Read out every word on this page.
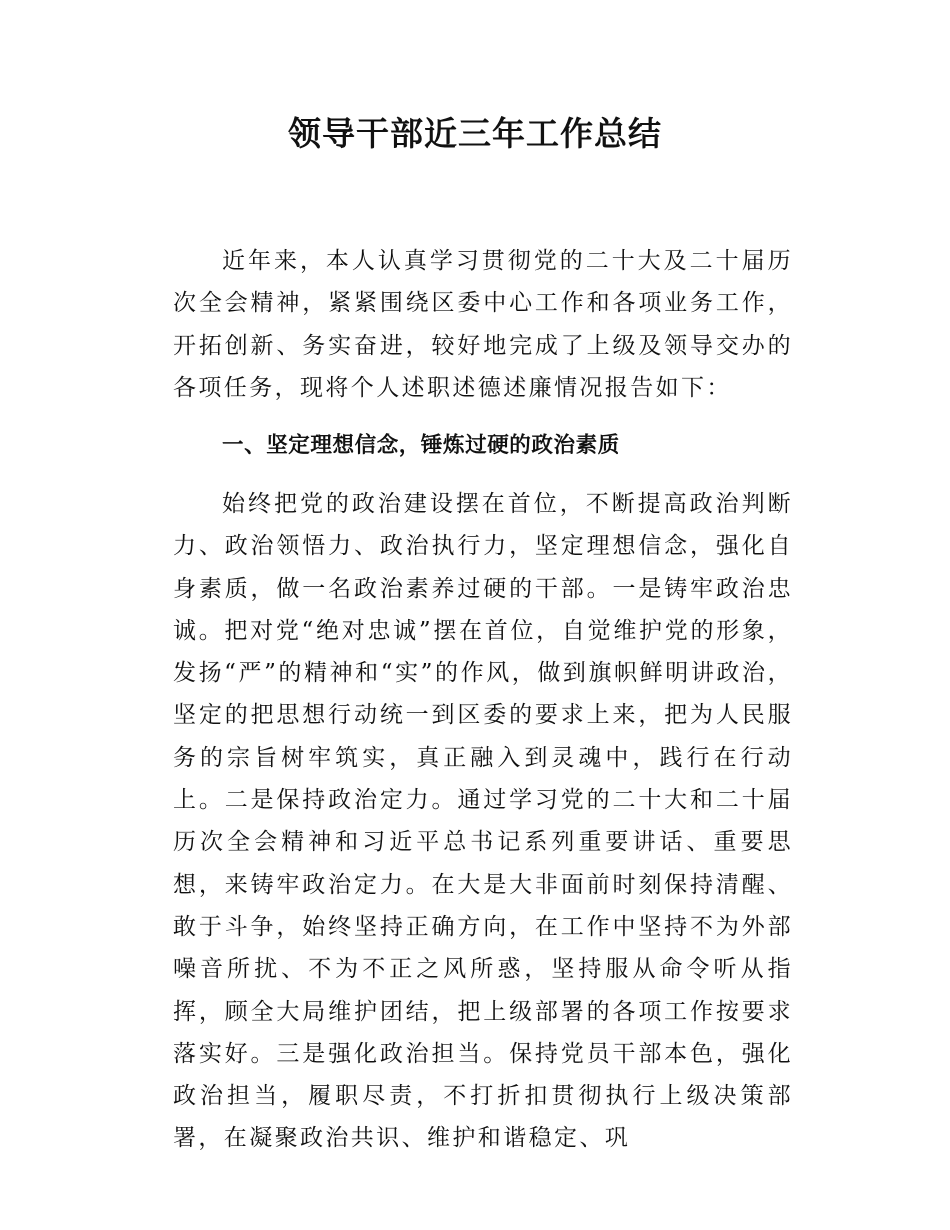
领导干部近三年工作总结

近年来，本人认真学习贯彻党的二十大及二十届历次全会精神，紧紧围绕区委中心工作和各项业务工作，开拓创新、务实奋进，较好地完成了上级及领导交办的各项任务，现将个人述职述德述廉情况报告如下：

一、坚定理想信念，锤炼过硬的政治素质

始终把党的政治建设摆在首位，不断提高政治判断力、政治领悟力、政治执行力，坚定理想信念，强化自身素质，做一名政治素养过硬的干部。一是铸牢政治忠诚。把对党“绝对忠诚”摆在首位，自觉维护党的形象，发扬“严”的精神和“实”的作风，做到旗帜鲜明讲政治，坚定的把思想行动统一到区委的要求上来，把为人民服务的宗旨树牢筑实，真正融入到灵魂中，践行在行动上。二是保持政治定力。通过学习党的二十大和二十届历次全会精神和习近平总书记系列重要讲话、重要思想，来铸牢政治定力。在大是大非面前时刻保持清醒、敢于斗争，始终坚持正确方向，在工作中坚持不为外部噪音所扰、不为不正之风所惑，坚持服从命令听从指挥，顾全大局维护团结，把上级部署的各项工作按要求落实好。三是强化政治担当。保持党员干部本色，强化政治担当，履职尽责，不打折扣贯彻执行上级决策部署，在凝聚政治共识、维护和谐稳定、巩
